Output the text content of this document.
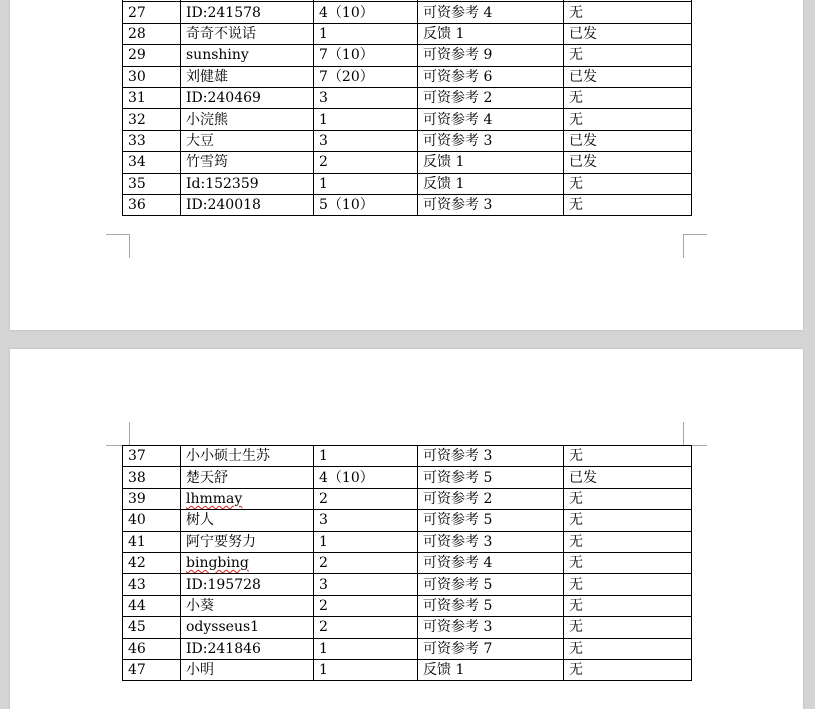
27	ID:241578	4（10）	可资参考 4	无
28	奇奇不说话	1	反馈 1	已发
29	sunshiny	7（10）	可资参考 9	无
30	刘健雄	7（20）	可资参考 6	已发
31	ID:240469	3	可资参考 2	无
32	小浣熊	1	可资参考 4	无
33	大豆	3	可资参考 3	已发
34	竹雪筠	2	反馈 1	已发
35	Id:152359	1	反馈 1	无
36	ID:240018	5（10）	可资参考 3	无
37	小小硕士生苏	1	可资参考 3	无
38	楚天舒	4（10）	可资参考 5	已发
39	lhmmay	2	可资参考 2	无
40	树人	3	可资参考 5	无
41	阿宁要努力	1	可资参考 3	无
42	bingbing	2	可资参考 4	无
43	ID:195728	3	可资参考 5	无
44	小葵	2	可资参考 5	无
45	odysseus1	2	可资参考 3	无
46	ID:241846	1	可资参考 7	无
47	小明	1	反馈 1	无
